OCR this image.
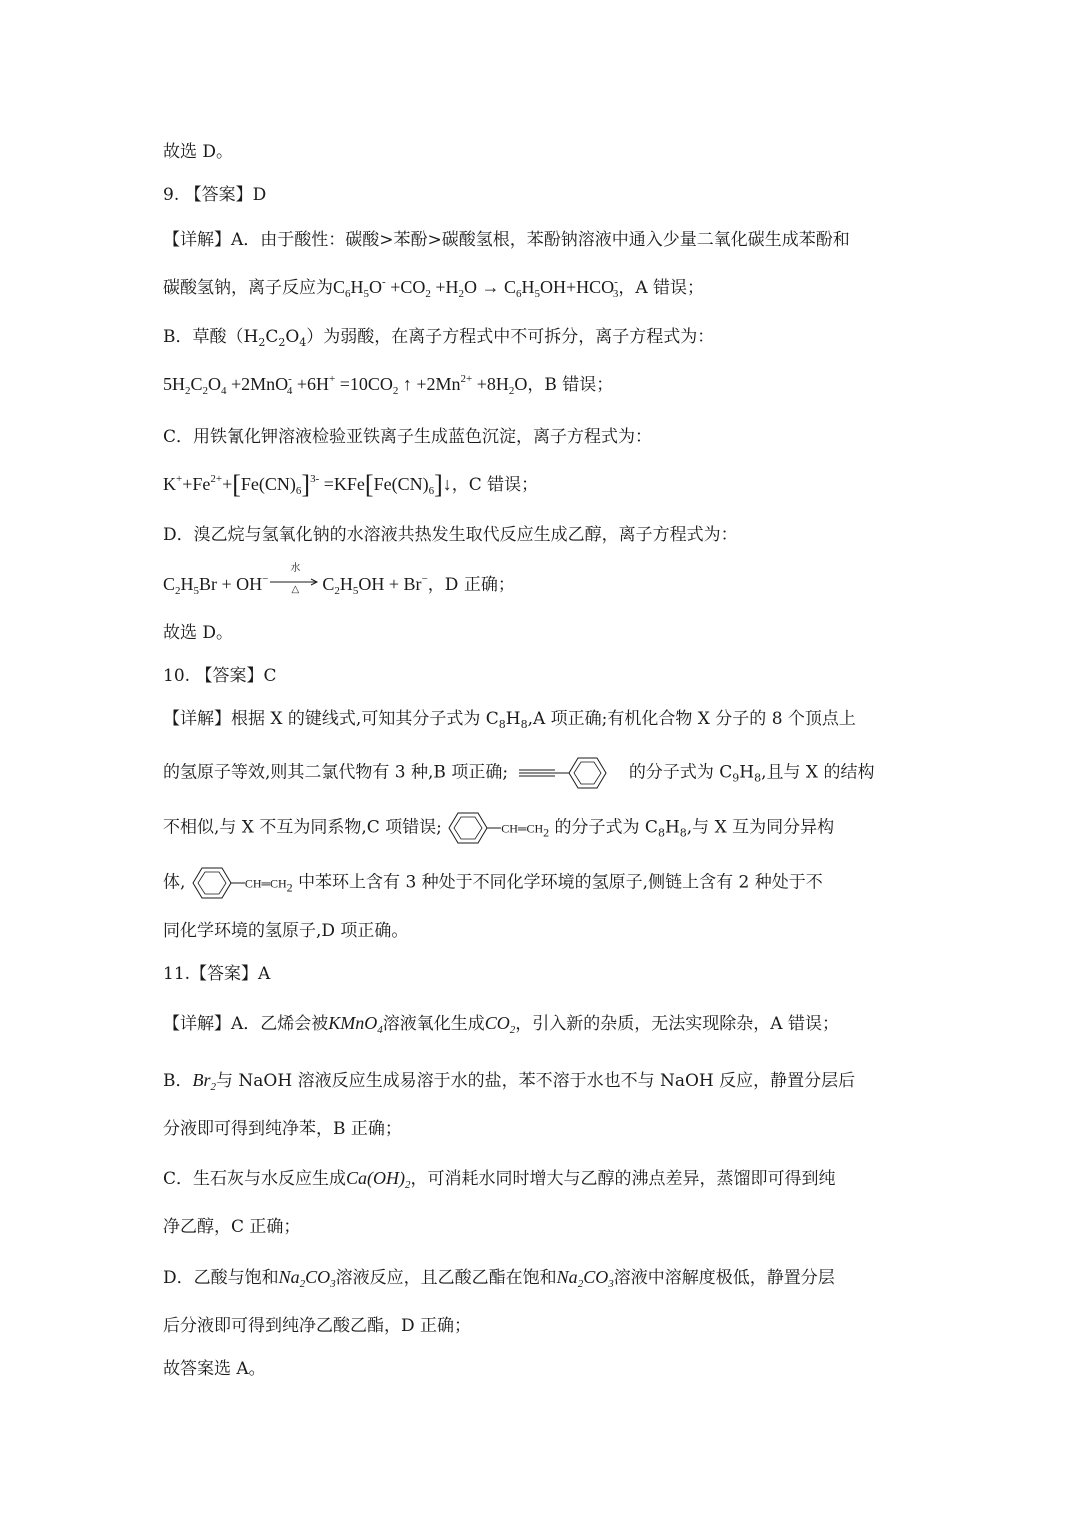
故选 D。
9. 【答案】D
【详解】A．由于酸性：碳酸>苯酚>碳酸氢根，苯酚钠溶液中通入少量二氧化碳生成苯酚和
碳酸氢钠，离子反应为$C_6H_5O^- +CO_2 +H_2O \to C_6H_5OH+HCO^-_3$，A 错误；
B．草酸$(H_2C_2O_4)$为弱酸，在离子方程式中不可拆分，离子方程式为：
$5H_2C_2O_4 +2MnO^-_4 +6H^+ =10CO_2$ ↑ $+2Mn^{2+} +8H_2O$，B 错误；
C．用铁氰化钾溶液检验亚铁离子生成蓝色沉淀，离子方程式为：
$K^++Fe^{2+}+[Fe(CN)_6]^{3-}$ $=KFe[Fe(CN)_6]↓$，C 错误；
D．溴乙烷与氢氧化钠的水溶液共热发生取代反应生成乙醇，离子方程式为：
$C_2H_5Br + OH^-$
水
△	$C_2H_5OH + Br^-$，D 正确；
故选 D。
10. 【答案】C
【详解】根据 X 的键线式,可知其分子式为 $C_8H_8,A$ 项正确;有机化合物 X 分子的 8 个顶点上
的氢原子等效,则其二氯代物有 3 种,B 项正确;	的分子式为 $C_9H_8$,且与 X 的结构
不相似,与 X 不互为同系物,C 项错误;	$CH═CH_2$ 的分子式为 $C_8H_8$,与 X 互为同分异构
体,	$CH═CH_2$ 中苯环上含有 3 种处于不同化学环境的氢原子,侧链上含有 2 种处于不
同化学环境的氢原子,D 项正确。
11.【答案】A
【详解】A．乙烯会被KMnO$_4$溶液氧化生成$CO_2$，引入新的杂质，无法实现除杂，A 错误；
B．$Br_2$与 NaOH 溶液反应生成易溶于水的盐，苯不溶于水也不与 NaOH 反应，静置分层后
分液即可得到纯净苯，B 正确；
C．生石灰与水反应生成$Ca(OH)_2$，可消耗水同时增大与乙醇的沸点差异，蒸馏即可得到纯
净乙醇，C 正确；
D．乙酸与饱和$Na_2CO_3$溶液反应，且乙酸乙酯在饱和$Na_2CO_3$溶液中溶解度极低，静置分层
后分液即可得到纯净乙酸乙酯，D 正确；
故答案选 A。
